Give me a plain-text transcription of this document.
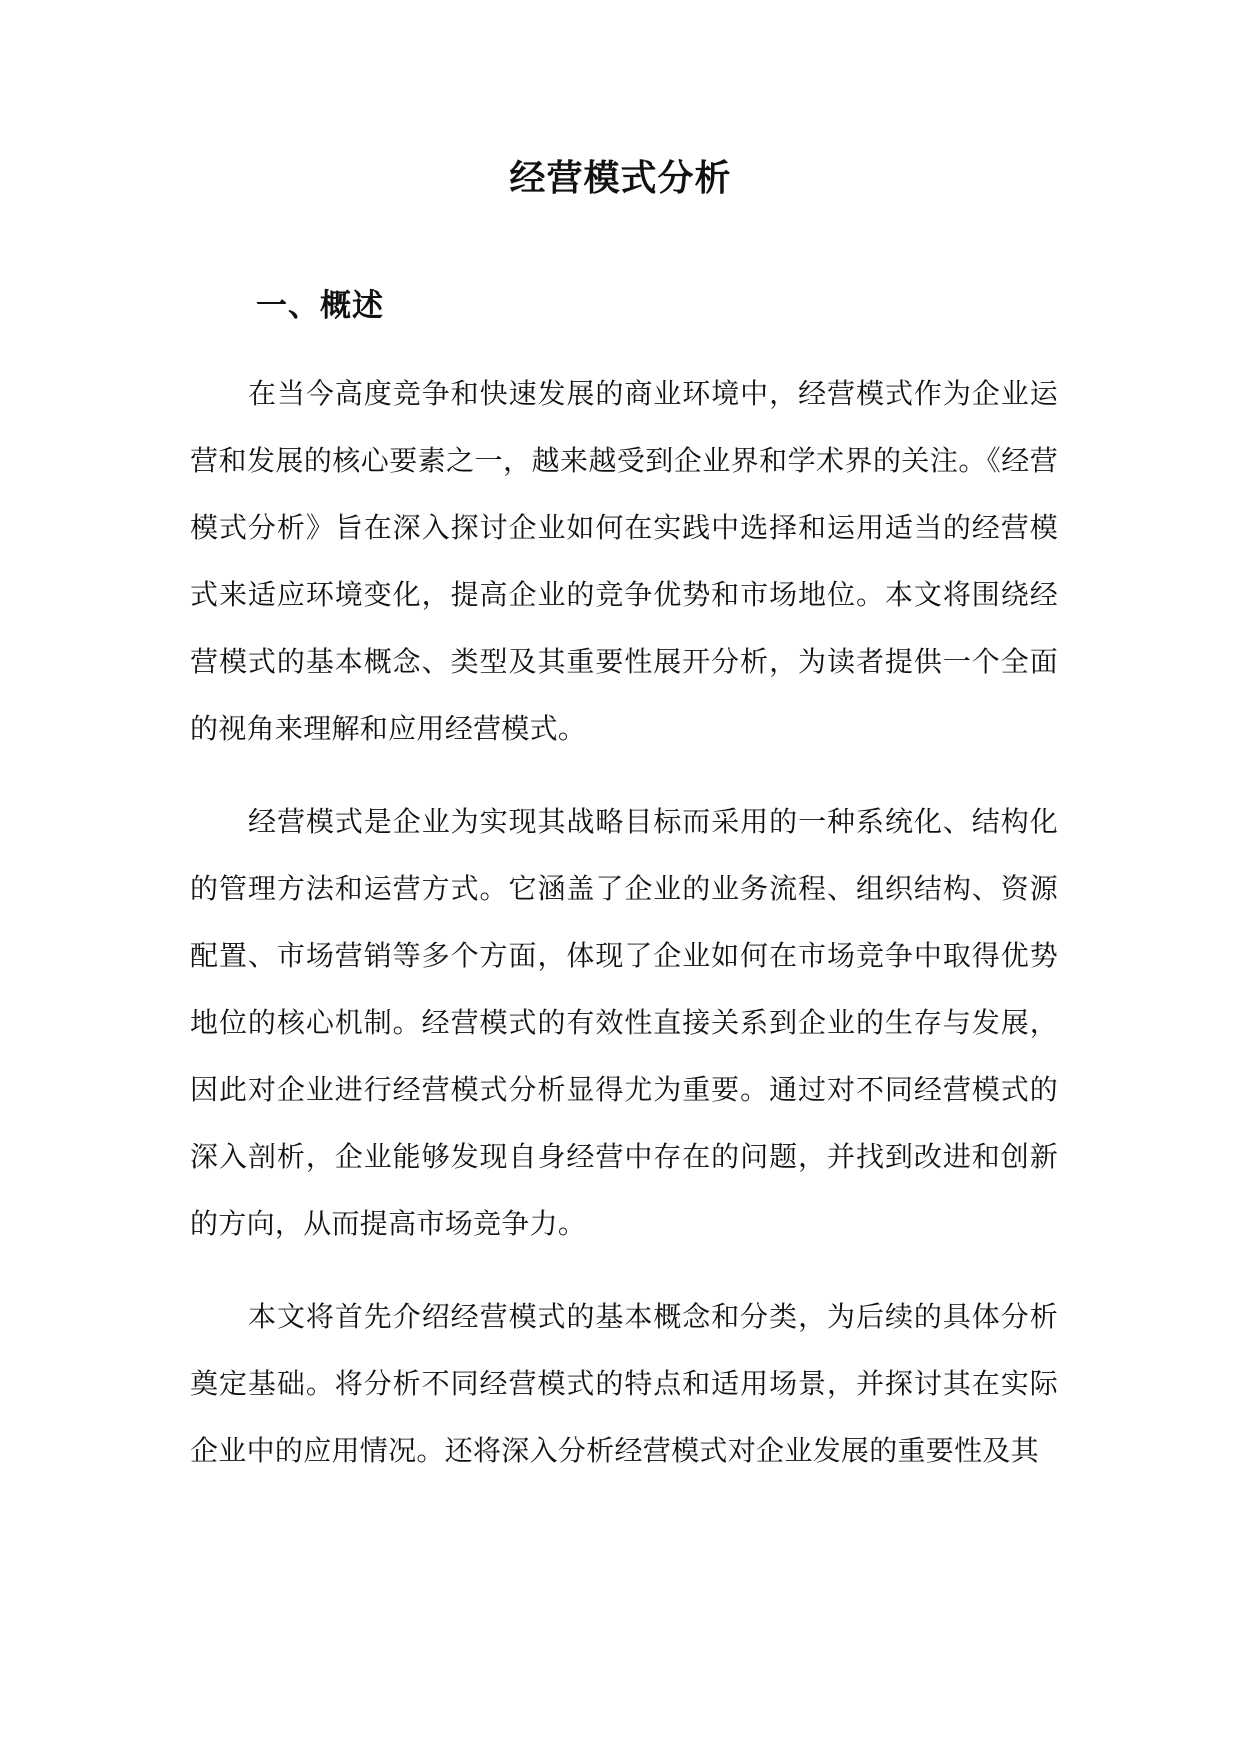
经营模式分析
一、概述

在当今高度竞争和快速发展的商业环境中，经营模式作为企业运营和发展的核心要素之一，越来越受到企业界和学术界的关注。《经营模式分析》旨在深入探讨企业如何在实践中选择和运用适当的经营模式来适应环境变化，提高企业的竞争优势和市场地位。本文将围绕经营模式的基本概念、类型及其重要性展开分析，为读者提供一个全面的视角来理解和应用经营模式。

经营模式是企业为实现其战略目标而采用的一种系统化、结构化的管理方法和运营方式。它涵盖了企业的业务流程、组织结构、资源配置、市场营销等多个方面，体现了企业如何在市场竞争中取得优势地位的核心机制。经营模式的有效性直接关系到企业的生存与发展，因此对企业进行经营模式分析显得尤为重要。通过对不同经营模式的深入剖析，企业能够发现自身经营中存在的问题，并找到改进和创新的方向，从而提高市场竞争力。

本文将首先介绍经营模式的基本概念和分类，为后续的具体分析奠定基础。将分析不同经营模式的特点和适用场景，并探讨其在实际企业中的应用情况。还将深入分析经营模式对企业发展的重要性及其
